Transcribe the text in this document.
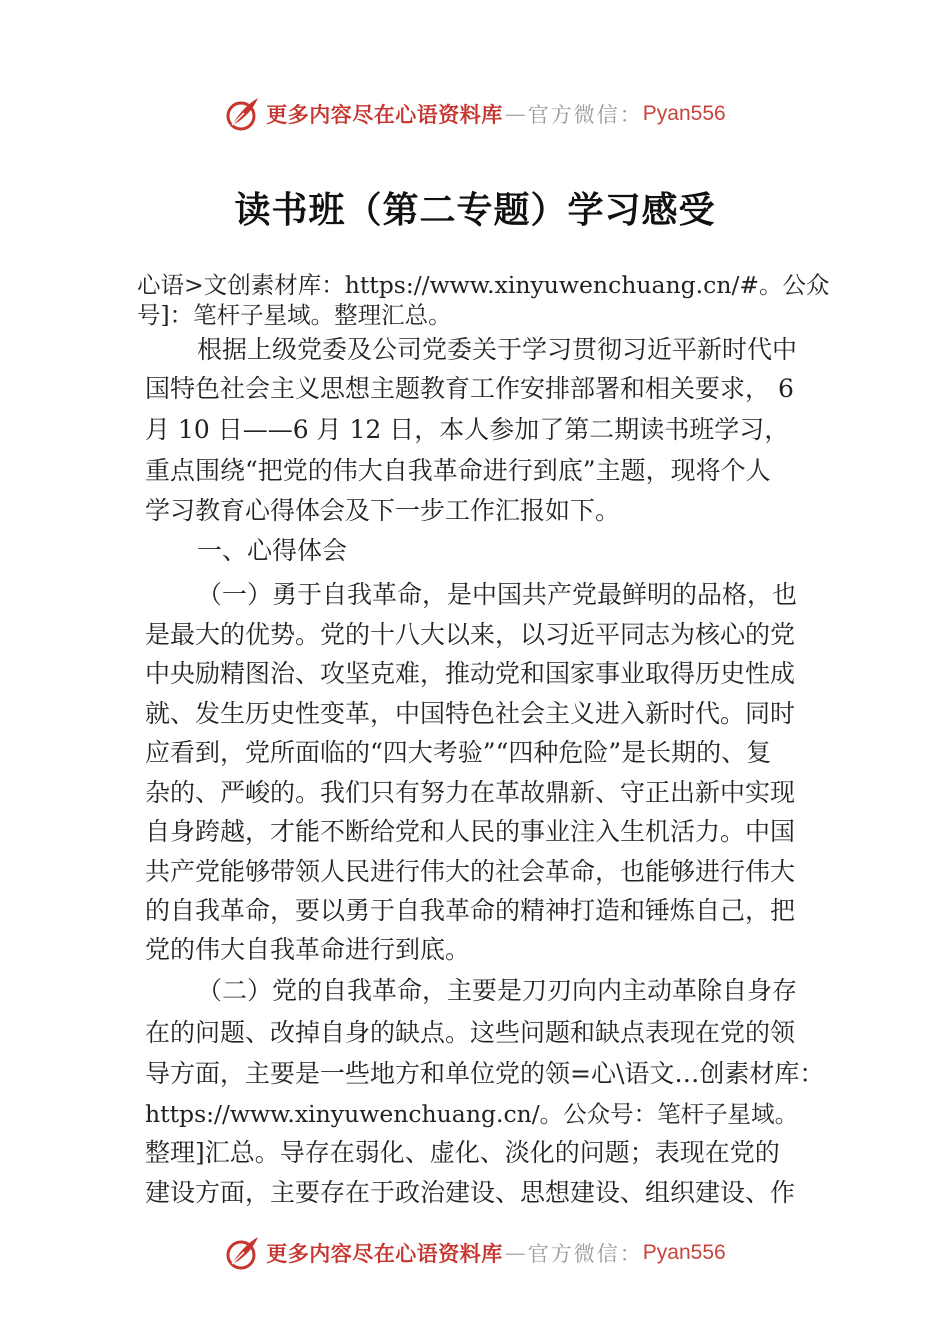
更多内容尽在心语资料库 — 官方微信： Pyan556
读书班（第二专题）学习感受
心语>文创素材库：https://www.xinyuwenchuang.cn/#。公众
号]：笔杆子星域。整理汇总。
根据上级党委及公司党委关于学习贯彻习近平新时代中
国特色社会主义思想主题教育工作安排部署和相关要求， 6
月 10 日——6 月 12 日，本人参加了第二期读书班学习，
重点围绕“把党的伟大自我革命进行到底”主题，现将个人
学习教育心得体会及下一步工作汇报如下。
一、心得体会
（一）勇于自我革命，是中国共产党最鲜明的品格，也
是最大的优势。党的十八大以来，以习近平同志为核心的党
中央励精图治、攻坚克难，推动党和国家事业取得历史性成
就、发生历史性变革，中国特色社会主义进入新时代。同时
应看到，党所面临的“四大考验”“四种危险”是长期的、复
杂的、严峻的。我们只有努力在革故鼎新、守正出新中实现
自身跨越，才能不断给党和人民的事业注入生机活力。中国
共产党能够带领人民进行伟大的社会革命，也能够进行伟大
的自我革命，要以勇于自我革命的精神打造和锤炼自己，把
党的伟大自我革命进行到底。
（二）党的自我革命，主要是刀刃向内主动革除自身存
在的问题、改掉自身的缺点。这些问题和缺点表现在党的领
导方面，主要是一些地方和单位党的领=心\语文…创素材库：
https://www.xinyuwenchuang.cn/。公众号：笔杆子星域。
整理]汇总。导存在弱化、虚化、淡化的问题；表现在党的
建设方面，主要存在于政治建设、思想建设、组织建设、作
更多内容尽在心语资料库 — 官方微信： Pyan556
